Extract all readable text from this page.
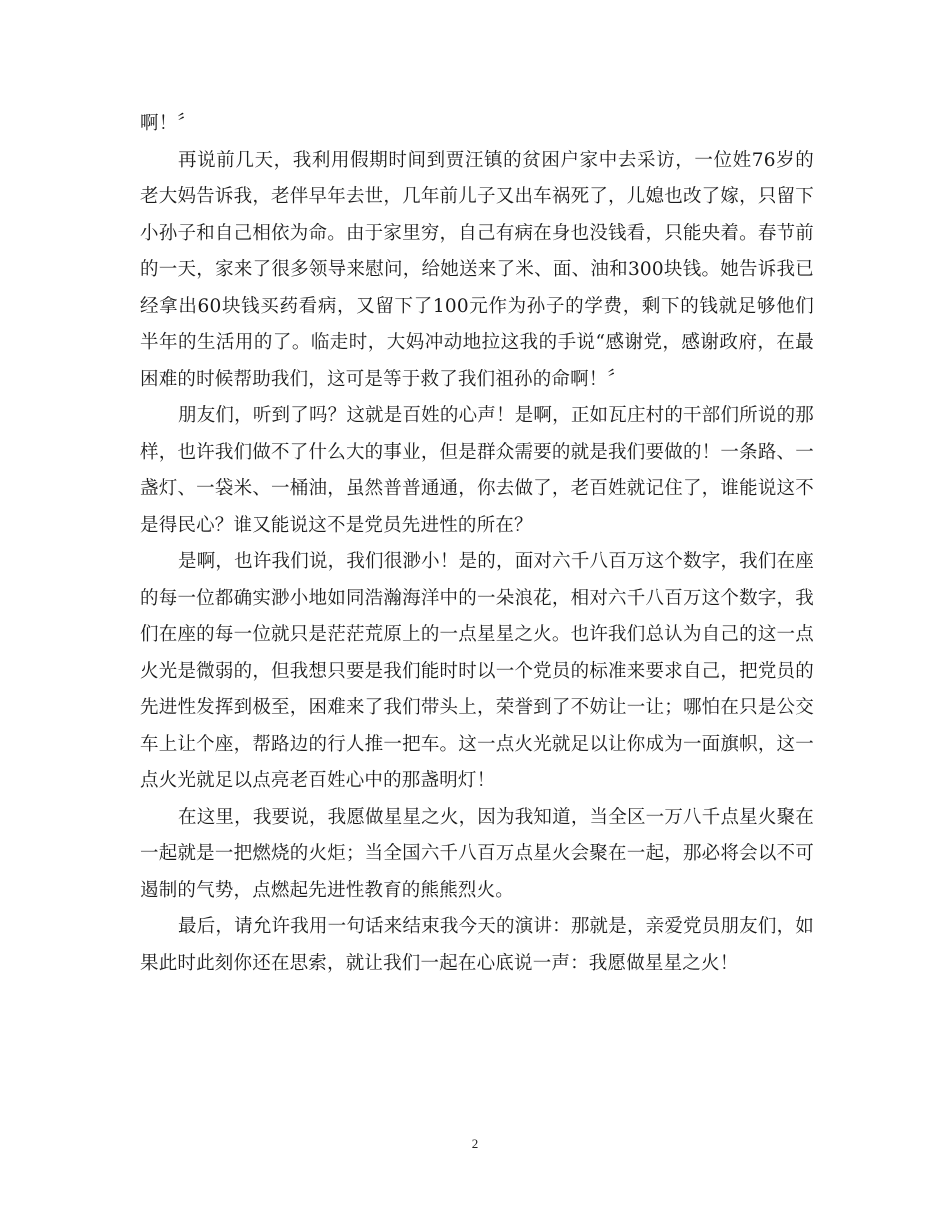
啊！〞

再说前几天，我利用假期时间到贾汪镇的贫困户家中去采访，一位姓76岁的老大妈告诉我，老伴早年去世，几年前儿子又出车祸死了，儿媳也改了嫁，只留下小孙子和自己相依为命。由于家里穷，自己有病在身也没钱看，只能央着。春节前的一天，家来了很多领导来慰问，给她送来了米、面、油和300块钱。她告诉我已经拿出60块钱买药看病，又留下了100元作为孙子的学费，剩下的钱就足够他们半年的生活用的了。临走时，大妈冲动地拉这我的手说“感谢党，感谢政府，在最困难的时候帮助我们，这可是等于救了我们祖孙的命啊！〞

朋友们，听到了吗？这就是百姓的心声！是啊，正如瓦庄村的干部们所说的那样，也许我们做不了什么大的事业，但是群众需要的就是我们要做的！一条路、一盏灯、一袋米、一桶油，虽然普普通通，你去做了，老百姓就记住了，谁能说这不是得民心？谁又能说这不是党员先进性的所在？

是啊，也许我们说，我们很渺小！是的，面对六千八百万这个数字，我们在座的每一位都确实渺小地如同浩瀚海洋中的一朵浪花，相对六千八百万这个数字，我们在座的每一位就只是茫茫荒原上的一点星星之火。也许我们总认为自己的这一点火光是微弱的，但我想只要是我们能时时以一个党员的标准来要求自己，把党员的先进性发挥到极至，困难来了我们带头上，荣誉到了不妨让一让；哪怕在只是公交车上让个座，帮路边的行人推一把车。这一点火光就足以让你成为一面旗帜，这一点火光就足以点亮老百姓心中的那盏明灯！

在这里，我要说，我愿做星星之火，因为我知道，当全区一万八千点星火聚在一起就是一把燃烧的火炬；当全国六千八百万点星火会聚在一起，那必将会以不可遏制的气势，点燃起先进性教育的熊熊烈火。

最后，请允许我用一句话来结束我今天的演讲：那就是，亲爱党员朋友们，如果此时此刻你还在思索，就让我们一起在心底说一声：我愿做星星之火！

2
